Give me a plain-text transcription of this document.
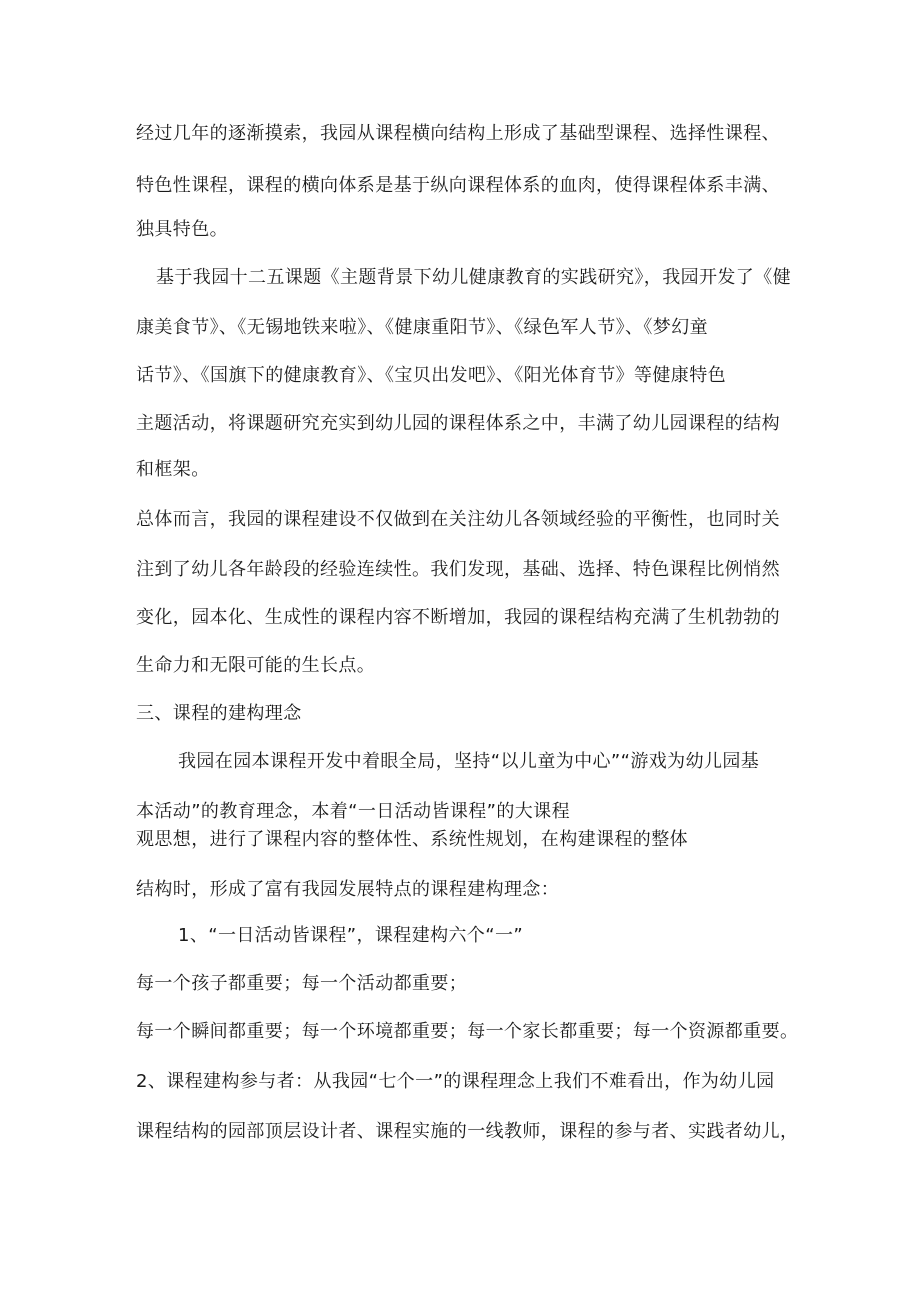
经过几年的逐渐摸索，我园从课程横向结构上形成了基础型课程、选择性课程、
特色性课程，课程的横向体系是基于纵向课程体系的血肉，使得课程体系丰满、
独具特色。
基于我园十二五课题《主题背景下幼儿健康教育的实践研究》，我园开发了《健
康美食节》、《无锡地铁来啦》、《健康重阳节》、《绿色军人节》、《梦幻童
话节》、《国旗下的健康教育》、《宝贝出发吧》、《阳光体育节》等健康特色
主题活动，将课题研究充实到幼儿园的课程体系之中，丰满了幼儿园课程的结构
和框架。
总体而言，我园的课程建设不仅做到在关注幼儿各领域经验的平衡性，也同时关
注到了幼儿各年龄段的经验连续性。我们发现，基础、选择、特色课程比例悄然
变化，园本化、生成性的课程内容不断增加，我园的课程结构充满了生机勃勃的
生命力和无限可能的生长点。
三、课程的建构理念
我园在园本课程开发中着眼全局，坚持“以儿童为中心”“游戏为幼儿园基
本活动”的教育理念，本着“一日活动皆课程”的大课程
观思想，进行了课程内容的整体性、系统性规划，在构建课程的整体
结构时，形成了富有我园发展特点的课程建构理念：
1、“一日活动皆课程”，课程建构六个“一”
每一个孩子都重要；每一个活动都重要；
每一个瞬间都重要；每一个环境都重要；每一个家长都重要；每一个资源都重要。
2、课程建构参与者：从我园“七个一”的课程理念上我们不难看出，作为幼儿园
课程结构的园部顶层设计者、课程实施的一线教师，课程的参与者、实践者幼儿，
